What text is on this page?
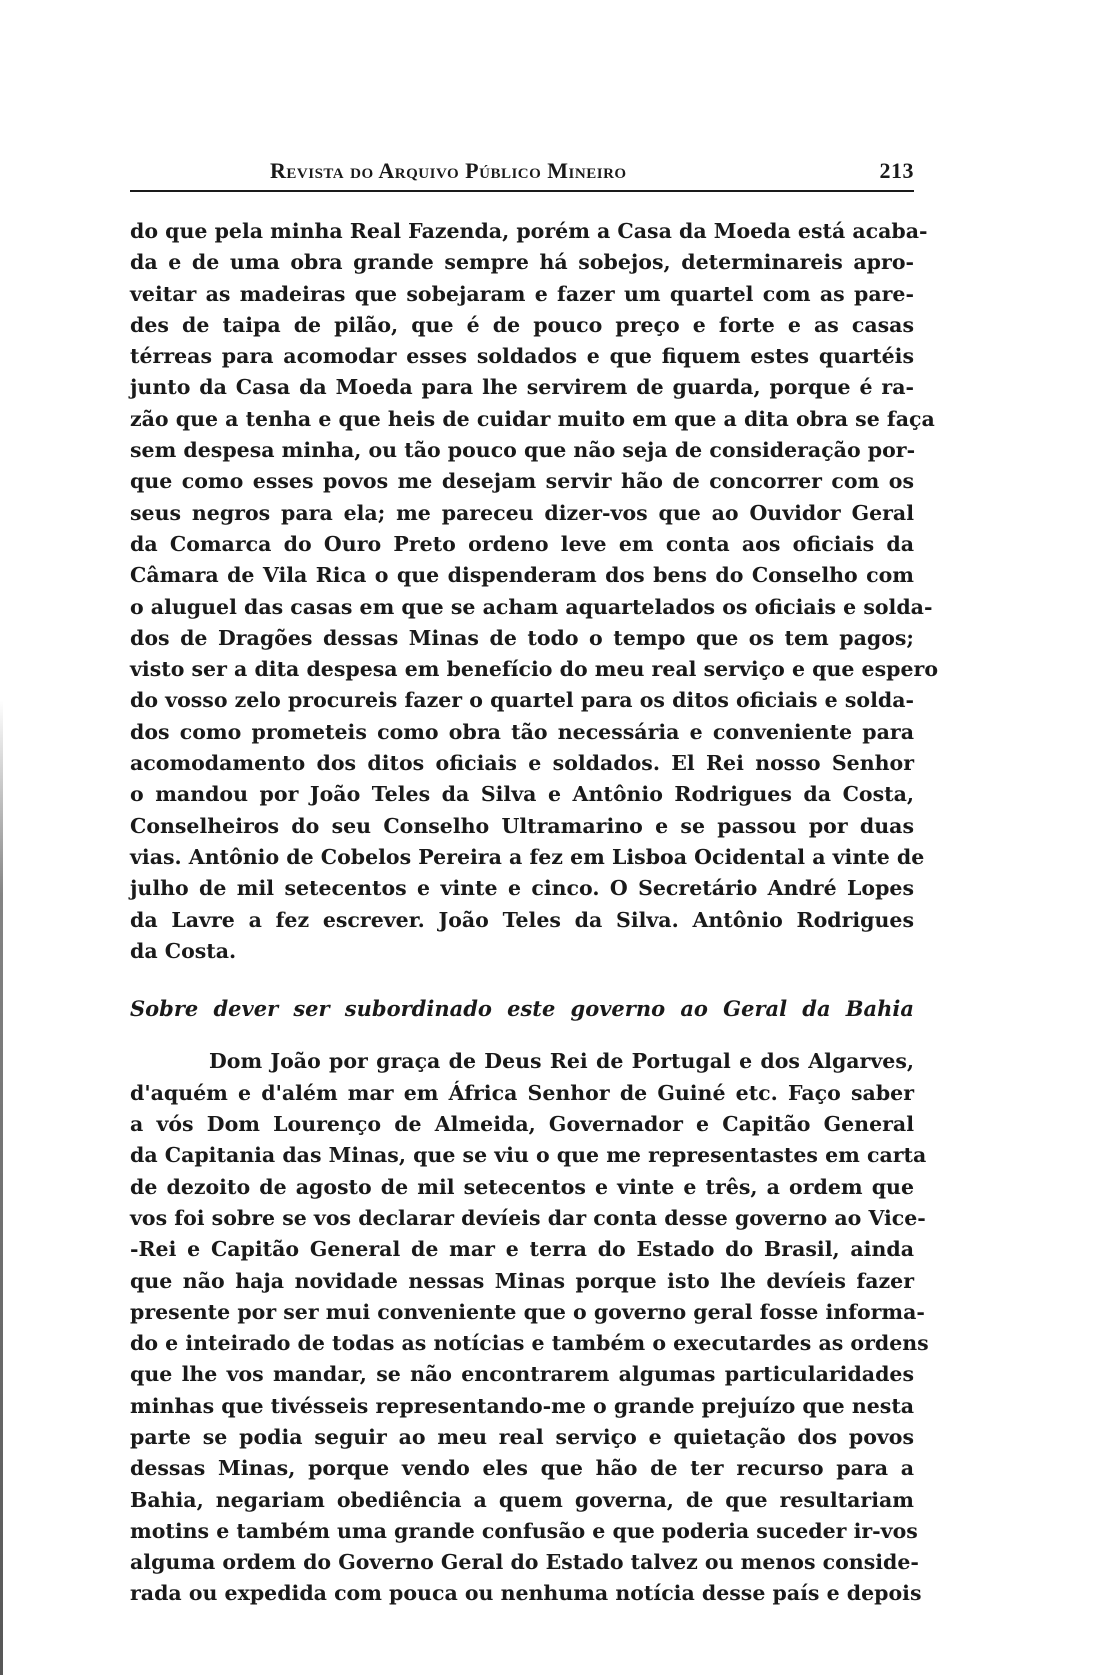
Revista do Arquivo Público Mineiro	213
do que pela minha Real Fazenda, porém a Casa da Moeda está acaba-
da e de uma obra grande sempre há sobejos, determinareis apro-
veitar as madeiras que sobejaram e fazer um quartel com as pare-
des de taipa de pilão, que é de pouco preço e forte e as casas
térreas para acomodar esses soldados e que fiquem estes quartéis
junto da Casa da Moeda para lhe servirem de guarda, porque é ra-
zão que a tenha e que heis de cuidar muito em que a dita obra se faça
sem despesa minha, ou tão pouco que não seja de consideração por-
que como esses povos me desejam servir hão de concorrer com os
seus negros para ela; me pareceu dizer-vos que ao Ouvidor Geral
da Comarca do Ouro Preto ordeno leve em conta aos oficiais da
Câmara de Vila Rica o que dispenderam dos bens do Conselho com
o aluguel das casas em que se acham aquartelados os oficiais e solda-
dos de Dragões dessas Minas de todo o tempo que os tem pagos;
visto ser a dita despesa em benefício do meu real serviço e que espero
do vosso zelo procureis fazer o quartel para os ditos oficiais e solda-
dos como prometeis como obra tão necessária e conveniente para
acomodamento dos ditos oficiais e soldados. El Rei nosso Senhor
o mandou por João Teles da Silva e Antônio Rodrigues da Costa,
Conselheiros do seu Conselho Ultramarino e se passou por duas
vias. Antônio de Cobelos Pereira a fez em Lisboa Ocidental a vinte de
julho de mil setecentos e vinte e cinco. O Secretário André Lopes
da Lavre a fez escrever. João Teles da Silva. Antônio Rodrigues
da Costa.
Sobre dever ser subordinado este governo ao Geral da Bahia
Dom João por graça de Deus Rei de Portugal e dos Algarves,
d'aquém e d'além mar em África Senhor de Guiné etc. Faço saber
a vós Dom Lourenço de Almeida, Governador e Capitão General
da Capitania das Minas, que se viu o que me representastes em carta
de dezoito de agosto de mil setecentos e vinte e três, a ordem que
vos foi sobre se vos declarar devíeis dar conta desse governo ao Vice-
-Rei e Capitão General de mar e terra do Estado do Brasil, ainda
que não haja novidade nessas Minas porque isto lhe devíeis fazer
presente por ser mui conveniente que o governo geral fosse informa-
do e inteirado de todas as notícias e também o executardes as ordens
que lhe vos mandar, se não encontrarem algumas particularidades
minhas que tivésseis representando-me o grande prejuízo que nesta
parte se podia seguir ao meu real serviço e quietação dos povos
dessas Minas, porque vendo eles que hão de ter recurso para a
Bahia, negariam obediência a quem governa, de que resultariam
motins e também uma grande confusão e que poderia suceder ir-vos
alguma ordem do Governo Geral do Estado talvez ou menos conside-
rada ou expedida com pouca ou nenhuma notícia desse país e depois
